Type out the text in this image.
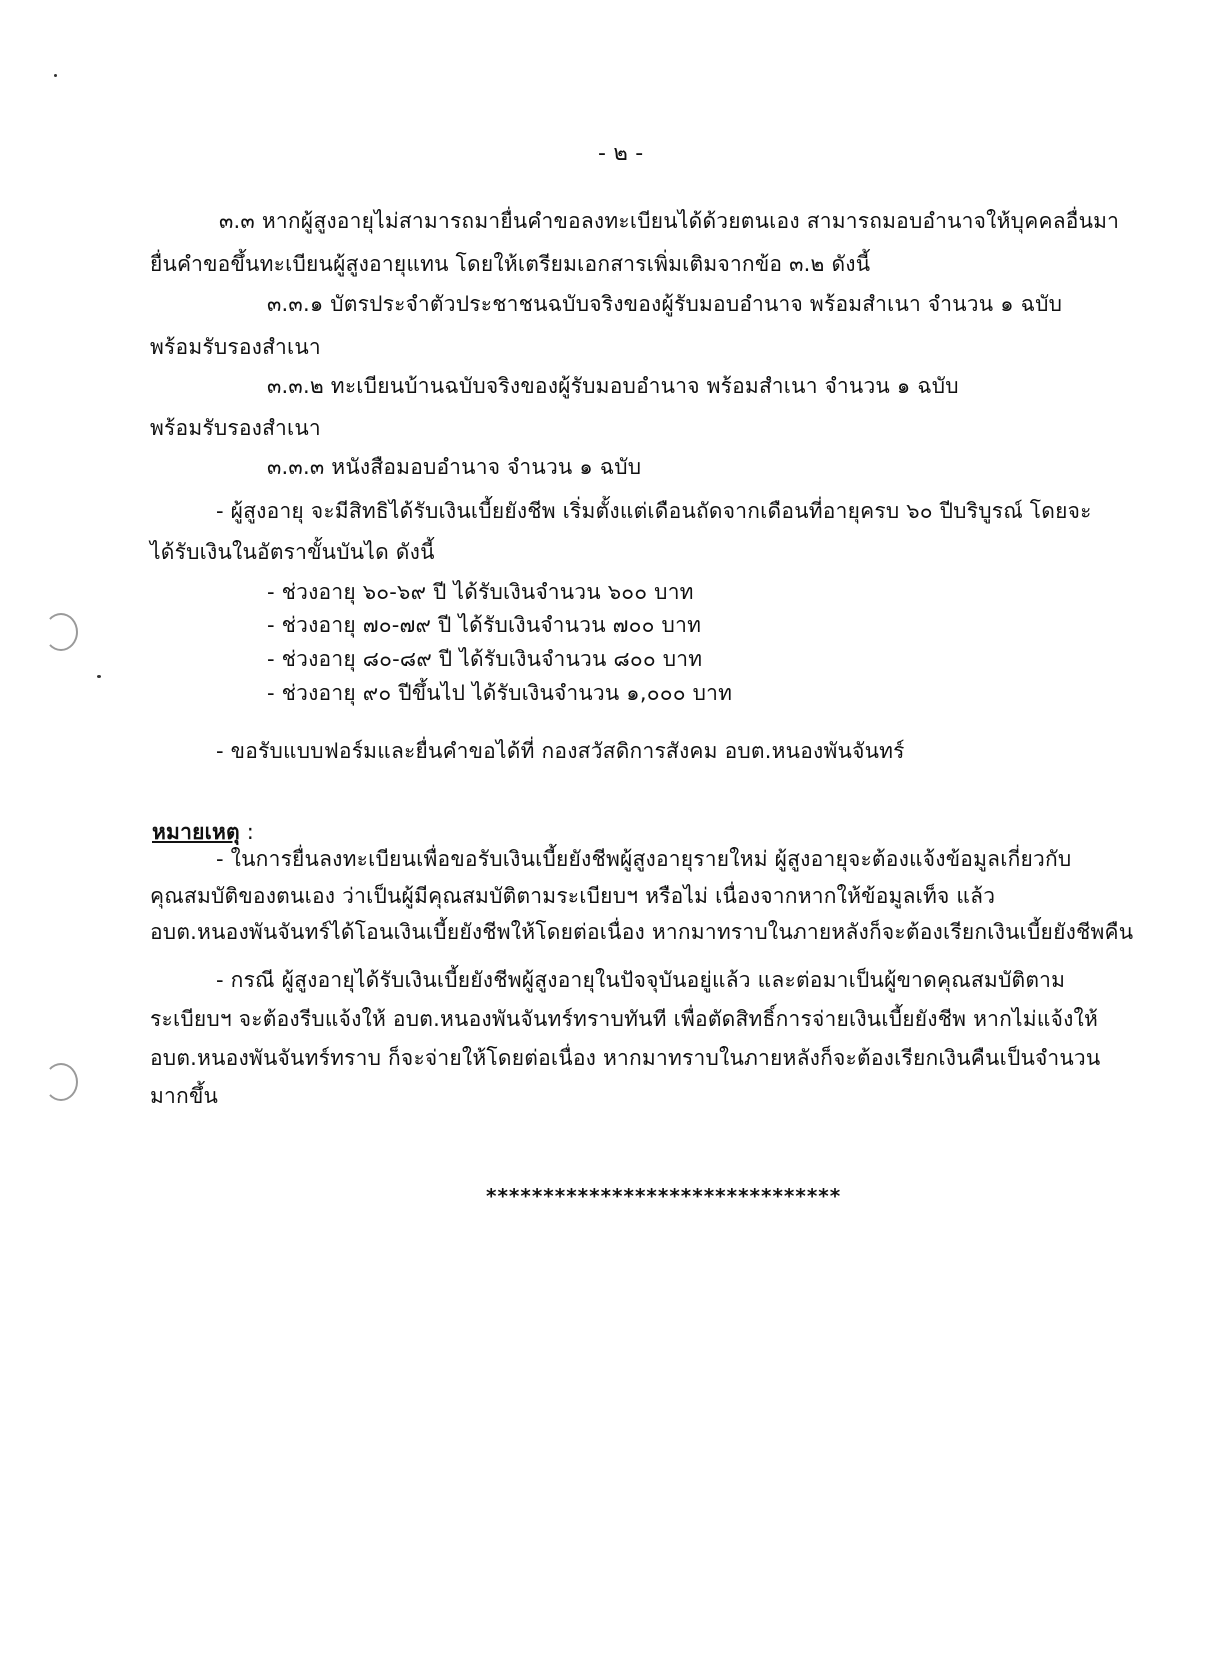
- ๒ -
๓.๓ หากผู้สูงอายุไม่สามารถมายื่นคำขอลงทะเบียนได้ด้วยตนเอง สามารถมอบอำนาจให้บุคคลอื่นมา
ยื่นคำขอขึ้นทะเบียนผู้สูงอายุแทน โดยให้เตรียมเอกสารเพิ่มเติมจากข้อ ๓.๒ ดังนี้
๓.๓.๑ บัตรประจำตัวประชาชนฉบับจริงของผู้รับมอบอำนาจ พร้อมสำเนา จำนวน ๑ ฉบับ
พร้อมรับรองสำเนา
๓.๓.๒ ทะเบียนบ้านฉบับจริงของผู้รับมอบอำนาจ พร้อมสำเนา จำนวน ๑ ฉบับ
พร้อมรับรองสำเนา
๓.๓.๓ หนังสือมอบอำนาจ จำนวน ๑ ฉบับ
- ผู้สูงอายุ จะมีสิทธิได้รับเงินเบี้ยยังชีพ เริ่มตั้งแต่เดือนถัดจากเดือนที่อายุครบ ๖๐ ปีบริบูรณ์ โดยจะ
ได้รับเงินในอัตราขั้นบันได ดังนี้
- ช่วงอายุ ๖๐-๖๙ ปี ได้รับเงินจำนวน ๖๐๐ บาท
- ช่วงอายุ ๗๐-๗๙ ปี ได้รับเงินจำนวน ๗๐๐ บาท
- ช่วงอายุ ๘๐-๘๙ ปี ได้รับเงินจำนวน ๘๐๐ บาท
- ช่วงอายุ ๙๐ ปีขึ้นไป ได้รับเงินจำนวน ๑,๐๐๐ บาท
- ขอรับแบบฟอร์มและยื่นคำขอได้ที่ กองสวัสดิการสังคม อบต.หนองพันจันทร์
หมายเหตุ :
- ในการยื่นลงทะเบียนเพื่อขอรับเงินเบี้ยยังชีพผู้สูงอายุรายใหม่ ผู้สูงอายุจะต้องแจ้งข้อมูลเกี่ยวกับ
คุณสมบัติของตนเอง ว่าเป็นผู้มีคุณสมบัติตามระเบียบฯ หรือไม่ เนื่องจากหากให้ข้อมูลเท็จ แล้ว
อบต.หนองพันจันทร์ได้โอนเงินเบี้ยยังชีพให้โดยต่อเนื่อง หากมาทราบในภายหลังก็จะต้องเรียกเงินเบี้ยยังชีพคืน
- กรณี ผู้สูงอายุได้รับเงินเบี้ยยังชีพผู้สูงอายุในปัจจุบันอยู่แล้ว และต่อมาเป็นผู้ขาดคุณสมบัติตาม
ระเบียบฯ จะต้องรีบแจ้งให้ อบต.หนองพันจันทร์ทราบทันที เพื่อตัดสิทธิ์การจ่ายเงินเบี้ยยังชีพ หากไม่แจ้งให้
อบต.หนองพันจันทร์ทราบ ก็จะจ่ายให้โดยต่อเนื่อง หากมาทราบในภายหลังก็จะต้องเรียกเงินคืนเป็นจำนวน
มากขึ้น
*******************************
